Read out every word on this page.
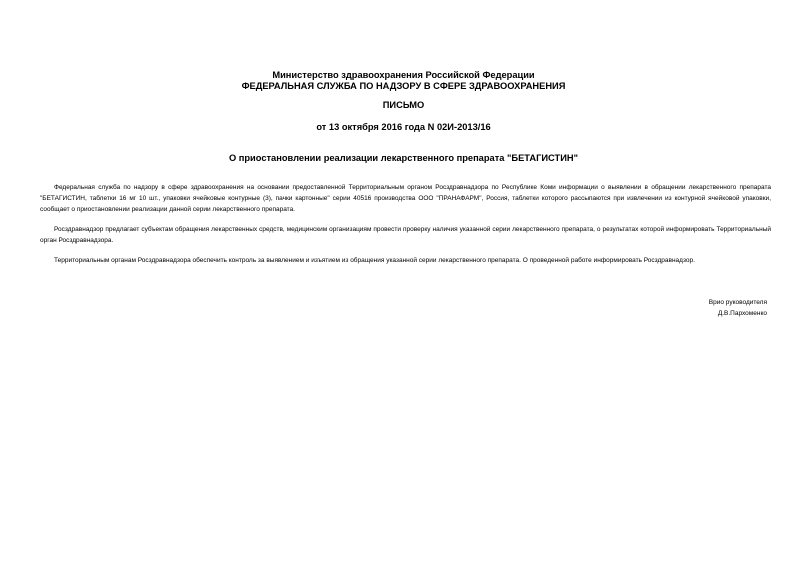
Министерство здравоохранения Российской Федерации
ФЕДЕРАЛЬНАЯ СЛУЖБА ПО НАДЗОРУ В СФЕРЕ ЗДРАВООХРАНЕНИЯ
ПИСЬМО
от 13 октября 2016 года N 02И-2013/16
О приостановлении реализации лекарственного препарата "БЕТАГИСТИН"

Федеральная служба по надзору в сфере здравоохранения на основании предоставленной Территориальным органом Росздравнадзора по Республике Коми информации о выявлении в обращении лекарственного препарата "БЕТАГИСТИН, таблетки 16 мг 10 шт., упаковки ячейковые контурные (3), пачки картонные" серии 40516 производства ООО "ПРАНАФАРМ", Россия, таблетки которого рассыпаются при извлечении из контурной ячейковой упаковки, сообщает о приостановлении реализации данной серии лекарственного препарата.

Росздравнадзор предлагает субъектам обращения лекарственных средств, медицинским организациям провести проверку наличия указанной серии лекарственного препарата, о результатах которой информировать Территориальный орган Росздравнадзора.

Территориальным органам Росздравнадзора обеспечить контроль за выявлением и изъятием из обращения указанной серии лекарственного препарата. О проведенной работе информировать Росздравнадзор.

Врио руководителя
Д.В.Пархоменко
